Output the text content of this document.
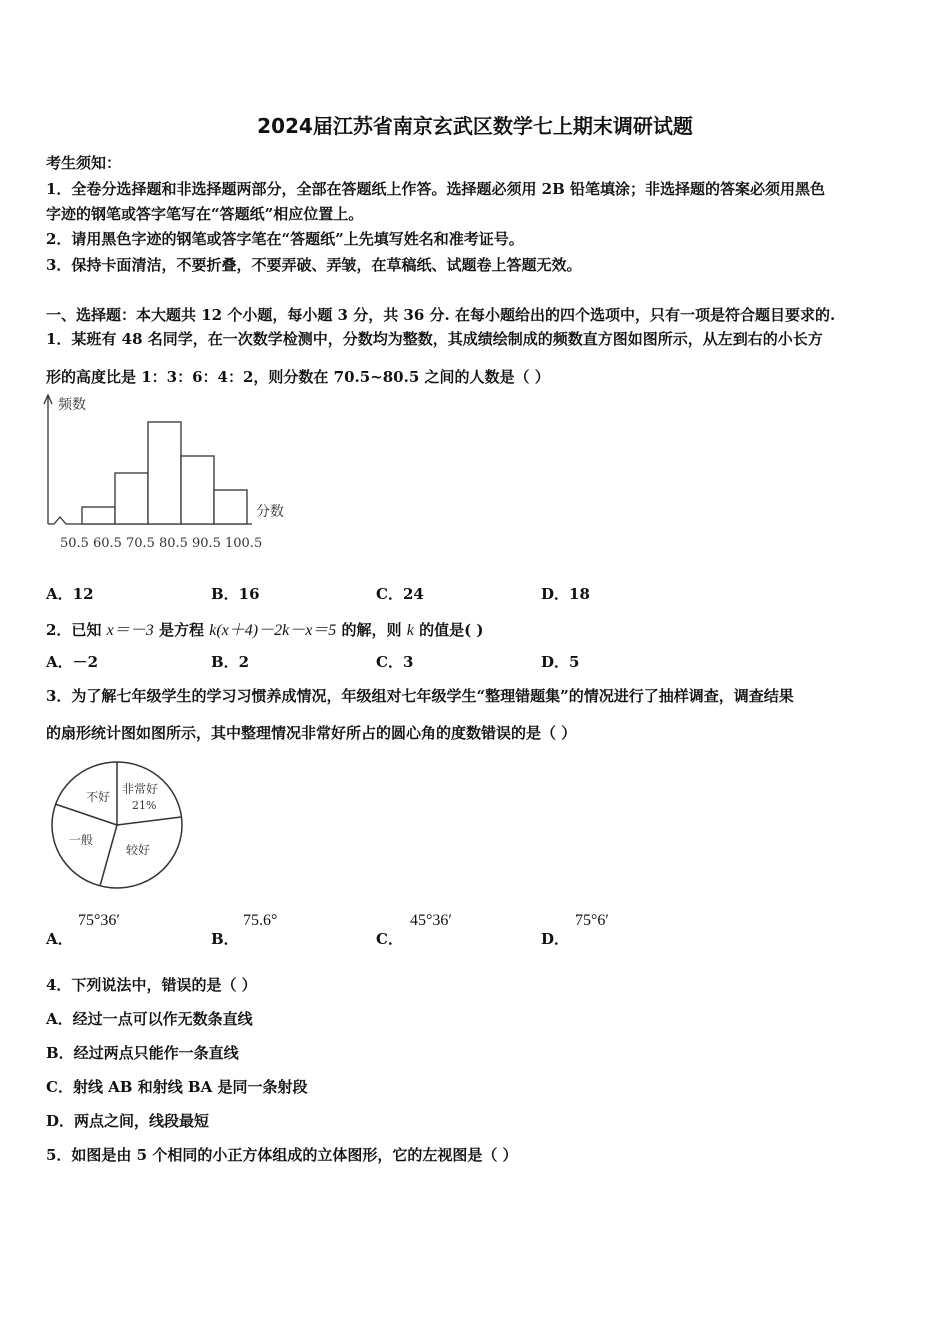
2024届江苏省南京玄武区数学七上期末调研试题
考生须知：
1．全卷分选择题和非选择题两部分，全部在答题纸上作答。选择题必须用 2B 铅笔填涂；非选择题的答案必须用黑色
字迹的钢笔或答字笔写在“答题纸”相应位置上。
2．请用黑色字迹的钢笔或答字笔在“答题纸”上先填写姓名和准考证号。
3．保持卡面清洁，不要折叠，不要弄破、弄皱，在草稿纸、试题卷上答题无效。
一、选择题：本大题共 12 个小题，每小题 3 分，共 36 分. 在每小题给出的四个选项中，只有一项是符合题目要求的.
1．某班有 48 名同学，在一次数学检测中，分数均为整数，其成绩绘制成的频数直方图如图所示，从左到右的小长方
形的高度比是 1：3：6：4：2，则分数在 70.5~80.5 之间的人数是（ ）
50.5 60.5 70.5 80.5 90.5 100.5
频数
分数
A．12	B．16	C．24	D．18
2．已知 x＝－3 是方程 k(x＋4)－2k－x＝5 的解，则 k 的值是( )
A．－2	B．2	C．3	D．5
3．为了解七年级学生的学习习惯养成情况，年级组对七年级学生“整理错题集”的情况进行了抽样调查，调查结果
的扇形统计图如图所示，其中整理情况非常好所占的圆心角的度数错误的是（ ）
非常好
21%
较好
一般
不好
A．
75°36′
B．
75.6°
C．
45°36′
D．
75°6′
4．下列说法中，错误的是（ ）
A．经过一点可以作无数条直线
B．经过两点只能作一条直线
C．射线 AB 和射线 BA 是同一条射段
D．两点之间，线段最短
5．如图是由 5 个相同的小正方体组成的立体图形，它的左视图是（ ）
